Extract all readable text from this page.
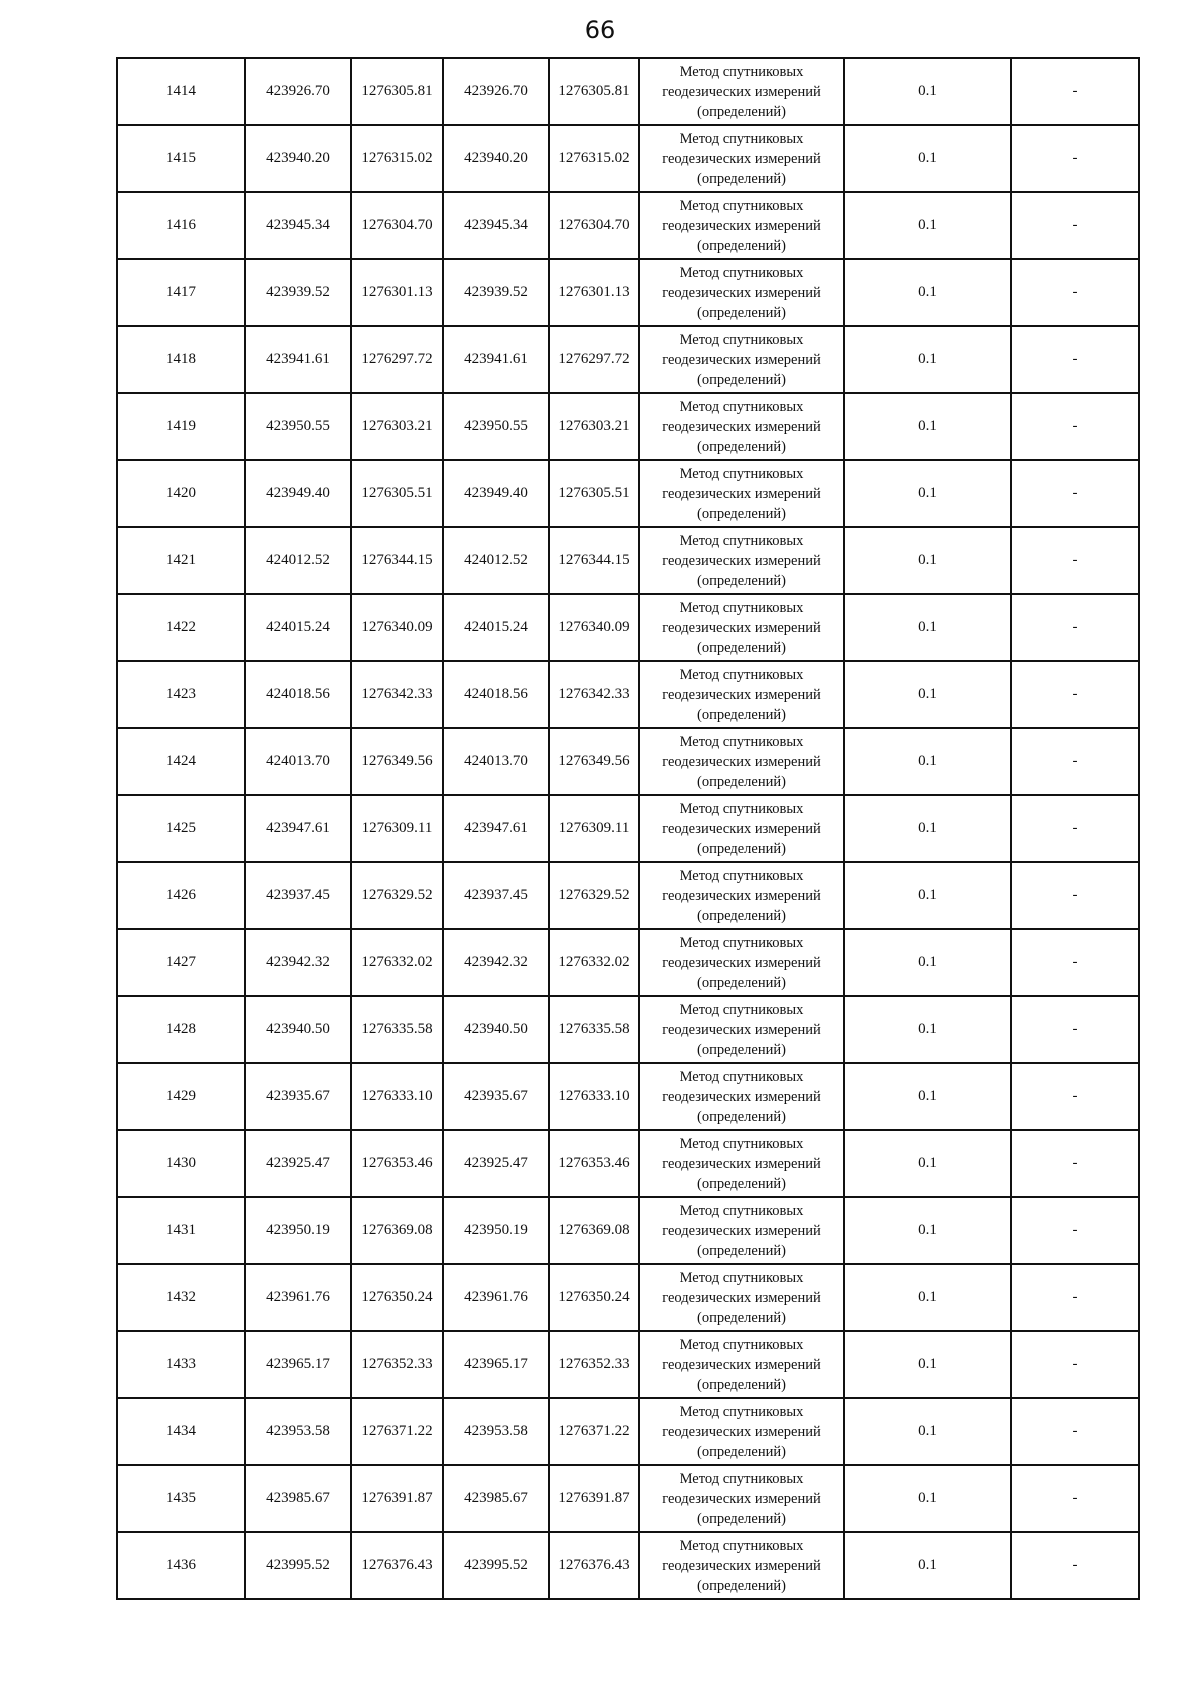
66
1414	423926.70	1276305.81	423926.70	1276305.81	Метод спутниковых
геодезических измерений
(определений)	0.1	-
1415	423940.20	1276315.02	423940.20	1276315.02	Метод спутниковых
геодезических измерений
(определений)	0.1	-
1416	423945.34	1276304.70	423945.34	1276304.70	Метод спутниковых
геодезических измерений
(определений)	0.1	-
1417	423939.52	1276301.13	423939.52	1276301.13	Метод спутниковых
геодезических измерений
(определений)	0.1	-
1418	423941.61	1276297.72	423941.61	1276297.72	Метод спутниковых
геодезических измерений
(определений)	0.1	-
1419	423950.55	1276303.21	423950.55	1276303.21	Метод спутниковых
геодезических измерений
(определений)	0.1	-
1420	423949.40	1276305.51	423949.40	1276305.51	Метод спутниковых
геодезических измерений
(определений)	0.1	-
1421	424012.52	1276344.15	424012.52	1276344.15	Метод спутниковых
геодезических измерений
(определений)	0.1	-
1422	424015.24	1276340.09	424015.24	1276340.09	Метод спутниковых
геодезических измерений
(определений)	0.1	-
1423	424018.56	1276342.33	424018.56	1276342.33	Метод спутниковых
геодезических измерений
(определений)	0.1	-
1424	424013.70	1276349.56	424013.70	1276349.56	Метод спутниковых
геодезических измерений
(определений)	0.1	-
1425	423947.61	1276309.11	423947.61	1276309.11	Метод спутниковых
геодезических измерений
(определений)	0.1	-
1426	423937.45	1276329.52	423937.45	1276329.52	Метод спутниковых
геодезических измерений
(определений)	0.1	-
1427	423942.32	1276332.02	423942.32	1276332.02	Метод спутниковых
геодезических измерений
(определений)	0.1	-
1428	423940.50	1276335.58	423940.50	1276335.58	Метод спутниковых
геодезических измерений
(определений)	0.1	-
1429	423935.67	1276333.10	423935.67	1276333.10	Метод спутниковых
геодезических измерений
(определений)	0.1	-
1430	423925.47	1276353.46	423925.47	1276353.46	Метод спутниковых
геодезических измерений
(определений)	0.1	-
1431	423950.19	1276369.08	423950.19	1276369.08	Метод спутниковых
геодезических измерений
(определений)	0.1	-
1432	423961.76	1276350.24	423961.76	1276350.24	Метод спутниковых
геодезических измерений
(определений)	0.1	-
1433	423965.17	1276352.33	423965.17	1276352.33	Метод спутниковых
геодезических измерений
(определений)	0.1	-
1434	423953.58	1276371.22	423953.58	1276371.22	Метод спутниковых
геодезических измерений
(определений)	0.1	-
1435	423985.67	1276391.87	423985.67	1276391.87	Метод спутниковых
геодезических измерений
(определений)	0.1	-
1436	423995.52	1276376.43	423995.52	1276376.43	Метод спутниковых
геодезических измерений
(определений)	0.1	-
